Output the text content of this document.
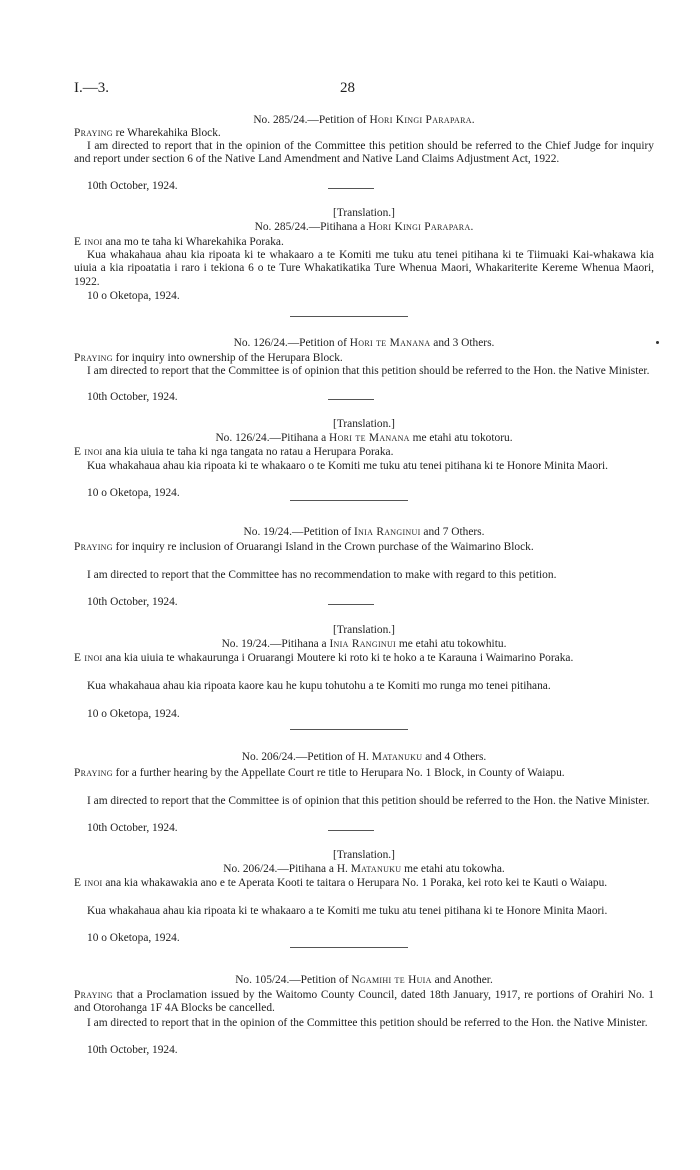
I.—3.	28
No. 285/24.—Petition of Hori Kingi Parapara.
Praying re Wharekahika Block.
I am directed to report that in the opinion of the Committee this petition should be referred to the Chief Judge for inquiry and report under section 6 of the Native Land Amendment and Native Land Claims Adjustment Act, 1922.
10th October, 1924.
[Translation.]
No. 285/24.—Pitihana a Hori Kingi Parapara.
E inoi ana mo te taha ki Wharekahika Poraka.
Kua whakahaua ahau kia ripoata ki te whakaaro a te Komiti me tuku atu tenei pitihana ki te Tiimuaki Kai-whakawa kia uiuia a kia ripoatatia i raro i tekiona 6 o te Ture Whakatikatika Ture Whenua Maori, Whakariterite Kereme Whenua Maori, 1922.
10 o Oketopa, 1924.
No. 126/24.—Petition of Hori te Manana and 3 Others.
Praying for inquiry into ownership of the Herupara Block.
I am directed to report that the Committee is of opinion that this petition should be referred to the Hon. the Native Minister.
10th October, 1924.
[Translation.]
No. 126/24.—Pitihana a Hori te Manana me etahi atu tokotoru.
E inoi ana kia uiuia te taha ki nga tangata no ratau a Herupara Poraka.
Kua whakahaua ahau kia ripoata ki te whakaaro o te Komiti me tuku atu tenei pitihana ki te Honore Minita Maori.
10 o Oketopa, 1924.
No. 19/24.—Petition of Inia Ranginui and 7 Others.
Praying for inquiry re inclusion of Oruarangi Island in the Crown purchase of the Waimarino Block.
I am directed to report that the Committee has no recommendation to make with regard to this petition.
10th October, 1924.
[Translation.]
No. 19/24.—Pitihana a Inia Ranginui me etahi atu tokowhitu.
E inoi ana kia uiuia te whakaurunga i Oruarangi Moutere ki roto ki te hoko a te Karauna i Waimarino Poraka.
Kua whakahaua ahau kia ripoata kaore kau he kupu tohutohu a te Komiti mo runga mo tenei pitihana.
10 o Oketopa, 1924.
No. 206/24.—Petition of H. Matanuku and 4 Others.
Praying for a further hearing by the Appellate Court re title to Herupara No. 1 Block, in County of Waiapu.
I am directed to report that the Committee is of opinion that this petition should be referred to the Hon. the Native Minister.
10th October, 1924.
[Translation.]
No. 206/24.—Pitihana a H. Matanuku me etahi atu tokowha.
E inoi ana kia whakawakia ano e te Aperata Kooti te taitara o Herupara No. 1 Poraka, kei roto kei te Kauti o Waiapu.
Kua whakahaua ahau kia ripoata ki te whakaaro a te Komiti me tuku atu tenei pitihana ki te Honore Minita Maori.
10 o Oketopa, 1924.
No. 105/24.—Petition of Ngamihi te Huia and Another.
Praying that a Proclamation issued by the Waitomo County Council, dated 18th January, 1917, re portions of Orahiri No. 1 and Otorohanga 1F 4A Blocks be cancelled.
I am directed to report that in the opinion of the Committee this petition should be referred to the Hon. the Native Minister.
10th October, 1924.
